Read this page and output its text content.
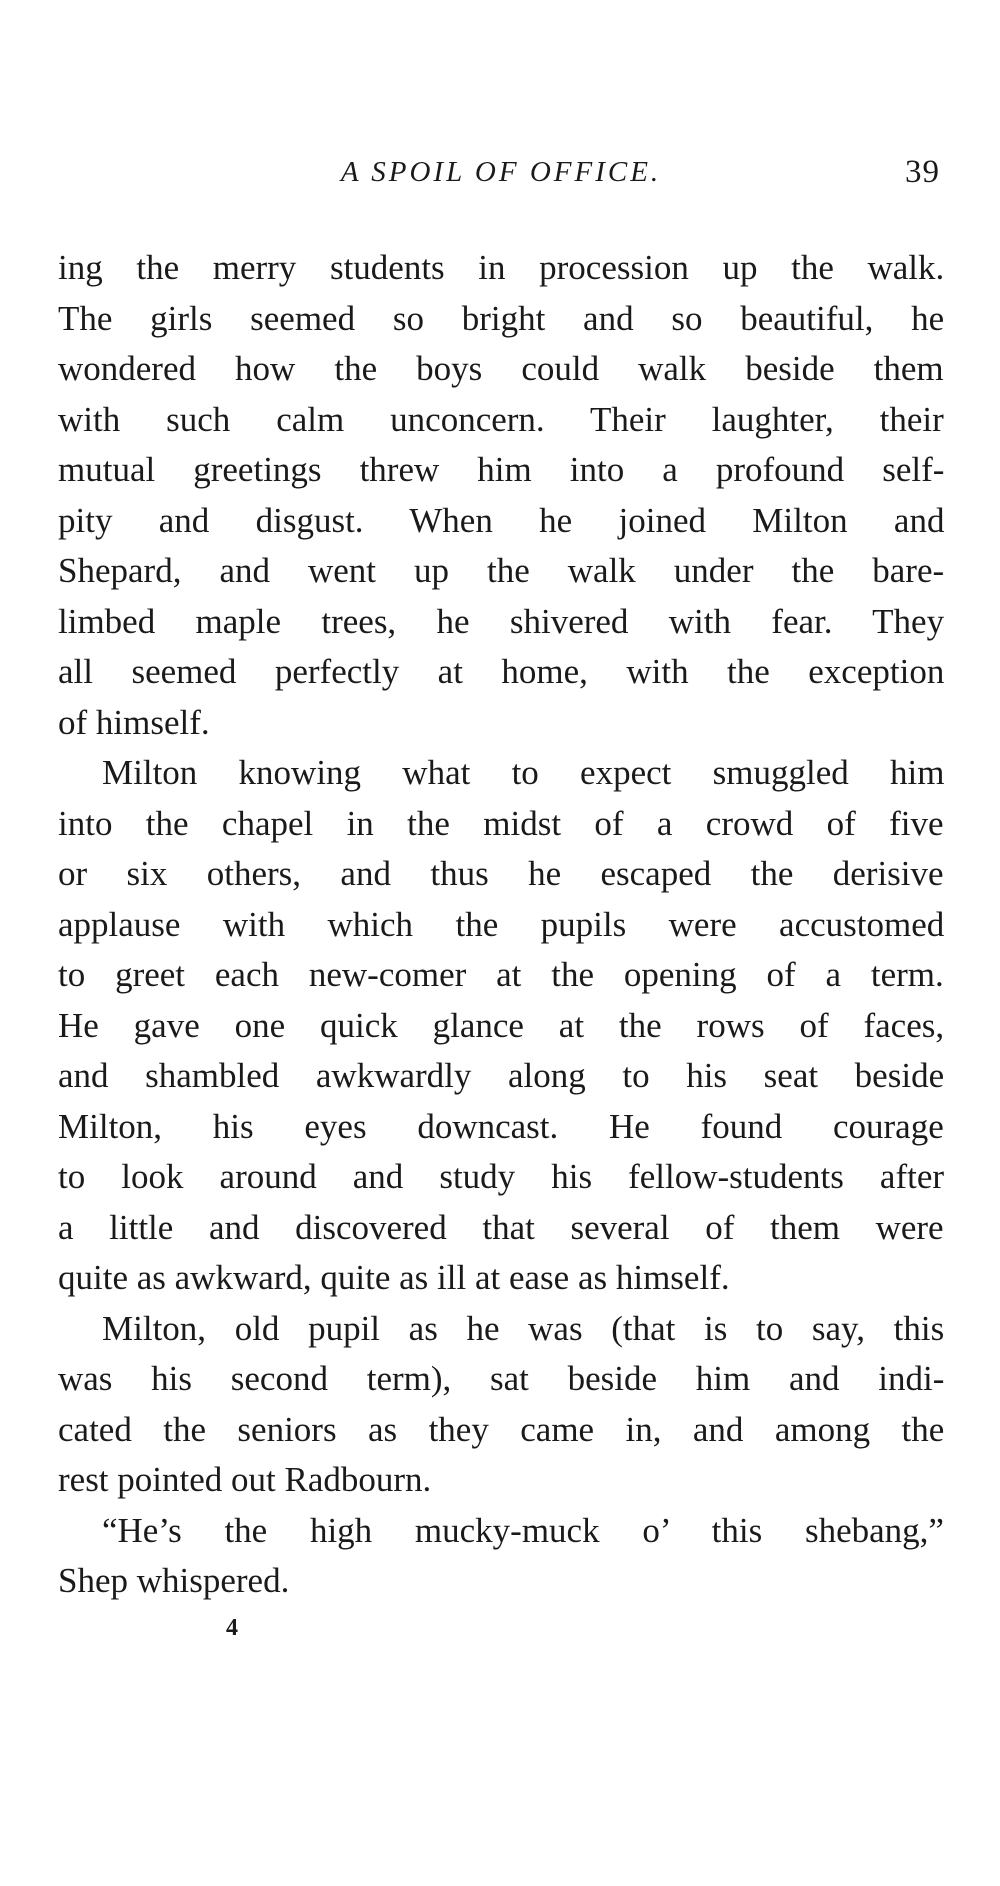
A SPOIL OF OFFICE.	39

ing the merry students in procession up the walk. The girls seemed so bright and so beautiful, he wondered how the boys could walk beside them with such calm unconcern. Their laughter, their mutual greetings threw him into a profound self- pity and disgust. When he joined Milton and Shepard, and went up the walk under the bare- limbed maple trees, he shivered with fear. They all seemed perfectly at home, with the exception
of himself.

Milton knowing what to expect smuggled him
into the chapel in the midst of a crowd of five or six others, and thus he escaped the derisive applause with which the pupils were accustomed to greet each new-comer at the opening of a term. He gave one quick glance at the rows of faces, and shambled awkwardly along to his seat beside Milton, his eyes downcast. He found courage to look around and study his fellow-students after a little and discovered that several of them were
quite as awkward, quite as ill at ease as himself.

Milton, old pupil as he was (that is to say, this
was his second term), sat beside him and indi- cated the seniors as they came in, and among the
rest pointed out Radbourn.

“He’s the high mucky-muck o’ this shebang,”
Shep whispered.

4
